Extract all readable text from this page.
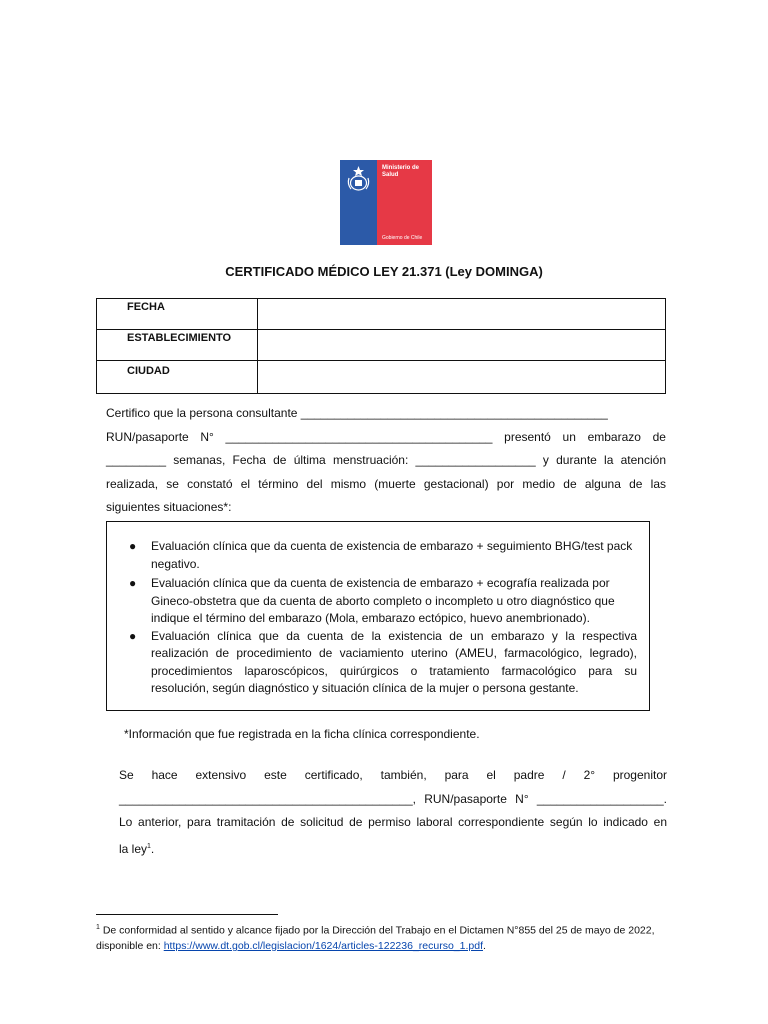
Ministerio de
Salud
Gobierno de Chile
CERTIFICADO MÉDICO LEY 21.371 (Ley DOMINGA)
FECHA	
ESTABLECIMIENTO	
CIUDAD	
Certifico que la persona consultante ______________________________________________
RUN/pasaporte N° ________________________________________ presentó un embarazo de
_________ semanas, Fecha de última menstruación: __________________ y durante la atención
realizada, se constató el término del mismo (muerte gestacional) por medio de alguna de las
siguientes situaciones*:
● Evaluación clínica que da cuenta de existencia de embarazo + seguimiento BHG/test pack negativo.
● Evaluación clínica que da cuenta de existencia de embarazo + ecografía realizada por Gineco-obstetra que da cuenta de aborto completo o incompleto u otro diagnóstico que indique el término del embarazo (Mola, embarazo ectópico, huevo anembrionado).
● Evaluación clínica que da cuenta de la existencia de un embarazo y la respectiva realización de procedimiento de vaciamiento uterino (AMEU, farmacológico, legrado), procedimientos laparoscópicos, quirúrgicos o tratamiento farmacológico para su resolución, según diagnóstico y situación clínica de la mujer o persona gestante.
*Información que fue registrada en la ficha clínica correspondiente.
Se hace extensivo este certificado, también, para el padre / 2° progenitor
____________________________________________, RUN/pasaporte N° ___________________.
Lo anterior, para tramitación de solicitud de permiso laboral correspondiente según lo indicado en
la ley$^1$.
$^1$ De conformidad al sentido y alcance fijado por la Dirección del Trabajo en el Dictamen N°855 del 25 de mayo de 2022, disponible en: https://www.dt.gob.cl/legislacion/1624/articles-122236_recurso_1.pdf.
